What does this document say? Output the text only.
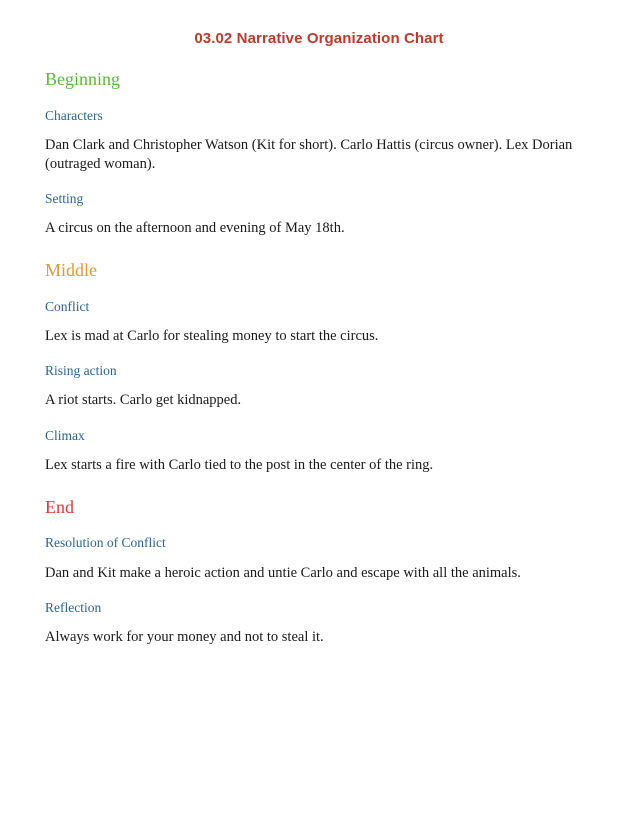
03.02 Narrative Organization Chart
Beginning
Characters

Dan Clark and Christopher Watson (Kit for short). Carlo Hattis (circus owner). Lex Dorian (outraged woman).

Setting

A circus on the afternoon and evening of May 18th.

Middle
Conflict

Lex is mad at Carlo for stealing money to start the circus.

Rising action

A riot starts. Carlo get kidnapped.

Climax

Lex starts a fire with Carlo tied to the post in the center of the ring.

End
Resolution of Conflict

Dan and Kit make a heroic action and untie Carlo and escape with all the animals.

Reflection

Always work for your money and not to steal it.
